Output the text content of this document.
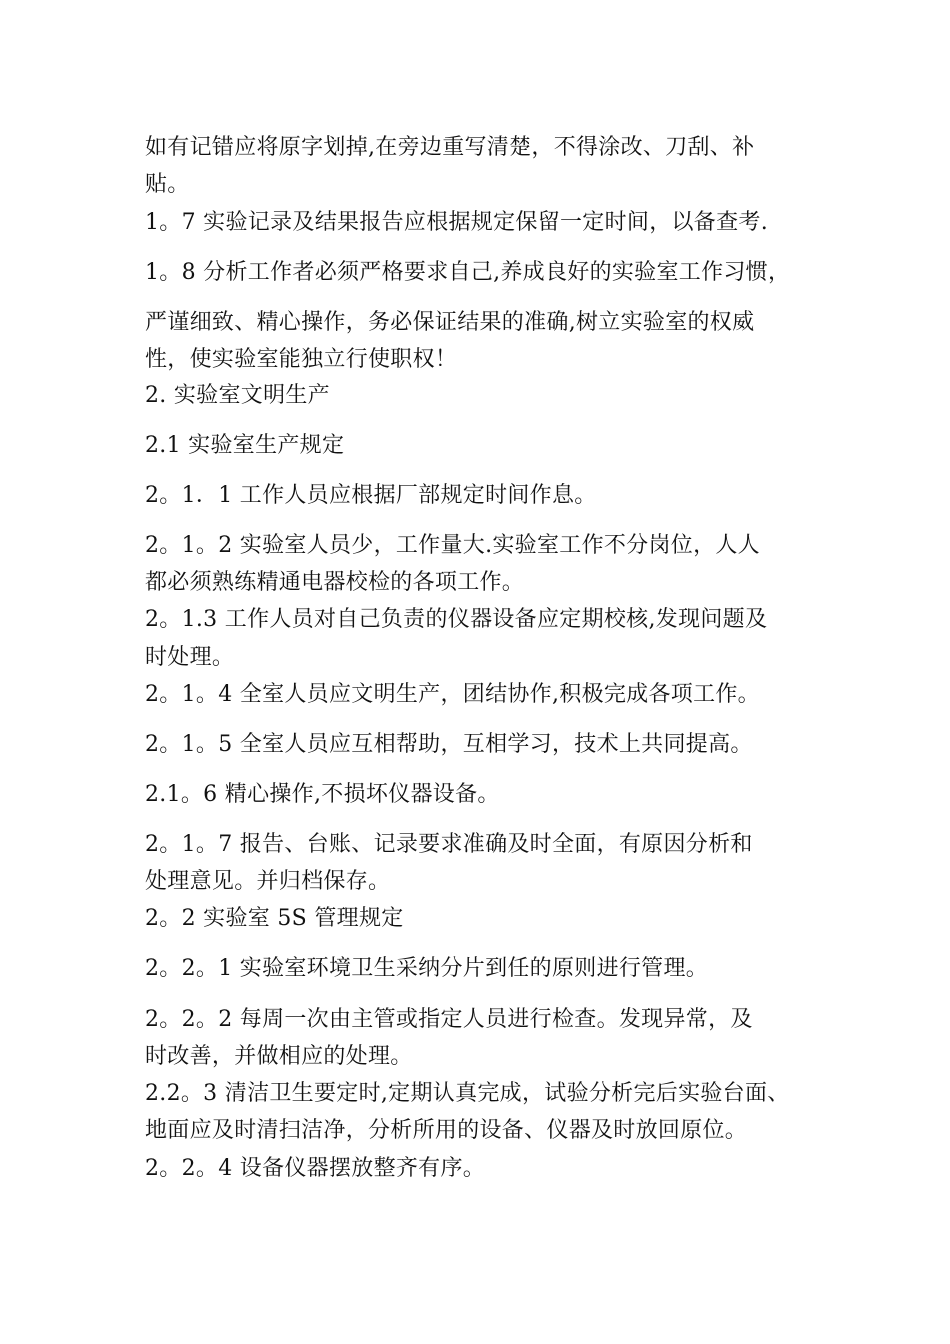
如有记错应将原字划掉,在旁边重写清楚，不得涂改、刀刮、补
贴。
1。7 实验记录及结果报告应根据规定保留一定时间，以备查考.
1。8 分析工作者必须严格要求自己,养成良好的实验室工作习惯，
严谨细致、精心操作，务必保证结果的准确,树立实验室的权威
性，使实验室能独立行使职权！
2. 实验室文明生产
2.1 实验室生产规定
2。1．1 工作人员应根据厂部规定时间作息。
2。1。2 实验室人员少，工作量大.实验室工作不分岗位，人人
都必须熟练精通电器校检的各项工作。
2。1.3 工作人员对自己负责的仪器设备应定期校核,发现问题及
时处理。
2。1。4 全室人员应文明生产，团结协作,积极完成各项工作。
2。1。5 全室人员应互相帮助，互相学习，技术上共同提高。
2.1。6 精心操作,不损坏仪器设备。
2。1。7 报告、台账、记录要求准确及时全面，有原因分析和
处理意见。并归档保存。
2。2 实验室 5S 管理规定
2。2。1 实验室环境卫生采纳分片到任的原则进行管理。
2。2。2 每周一次由主管或指定人员进行检查。发现异常，及
时改善，并做相应的处理。
2.2。3 清洁卫生要定时,定期认真完成，试验分析完后实验台面、
地面应及时清扫洁净，分析所用的设备、仪器及时放回原位。
2。2。4 设备仪器摆放整齐有序。
